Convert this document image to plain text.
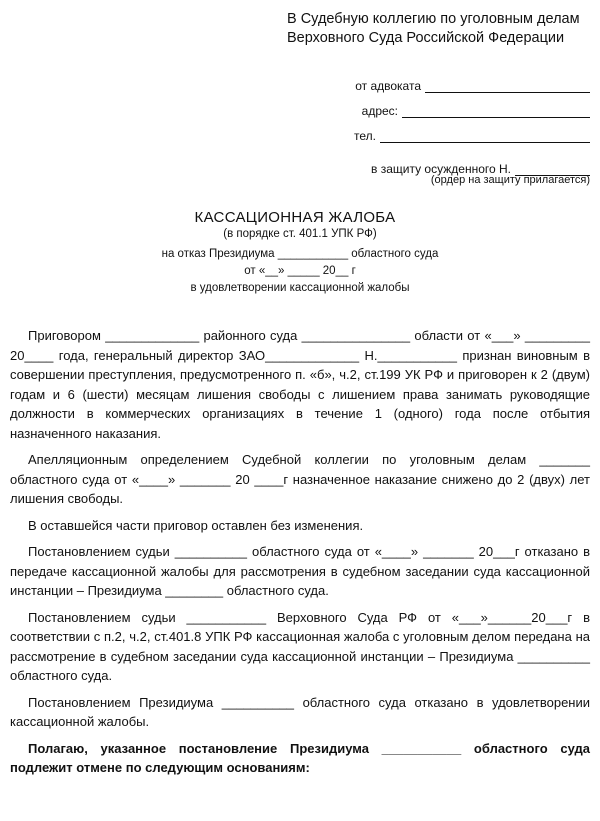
В Судебную коллегию по уголовным делам
Верховного Суда Российской Федерации
от адвоката
адрес:
тел.
в защиту осужденного Н.
(ордер на защиту прилагается)
КАССАЦИОННАЯ ЖАЛОБА
(в порядке ст. 401.1 УПК РФ)
на отказ Президиума ___________ областного суда
от «__» _____ 20__ г
в удовлетворении кассационной жалобы

Приговором _____________ районного суда _______________ области от «___» _________ 20____ года, генеральный директор ЗАО_____________ Н.___________ признан виновным в совершении преступления, предусмотренного п. «б», ч.2, ст.199 УК РФ и приговорен к 2 (двум) годам и 6 (шести) месяцам лишения свободы с лишением права занимать руководящие должности в коммерческих организациях в течение 1 (одного) года после отбытия назначенного наказания.

Апелляционным определением Судебной коллегии по уголовным делам _______ областного суда от «____» _______ 20 ____г назначенное наказание снижено до 2 (двух) лет лишения свободы.

В оставшейся части приговор оставлен без изменения.

Постановлением судьи __________ областного суда от «____» _______ 20___г отказано в передаче кассационной жалобы для рассмотрения в судебном заседании суда кассационной инстанции – Президиума ________ областного суда.

Постановлением судьи ___________ Верховного Суда РФ от «___»______20___г в соответствии с п.2, ч.2, ст.401.8 УПК РФ кассационная жалоба с уголовным делом передана на рассмотрение в судебном заседании суда кассационной инстанции – Президиума __________ областного суда.

Постановлением Президиума __________ областного суда отказано в удовлетворении кассационной жалобы.

Полагаю, указанное постановление Президиума ___________ областного суда подлежит отмене по следующим основаниям:
